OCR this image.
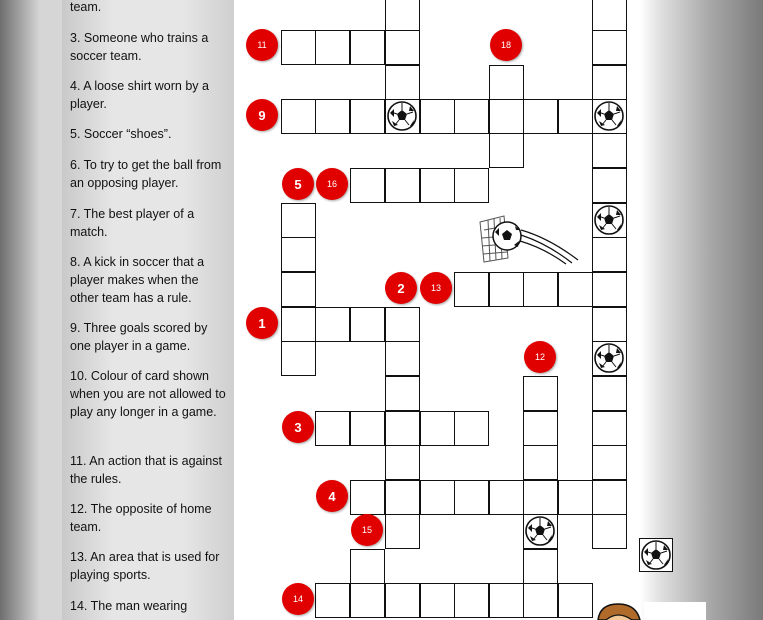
team.
3. Someone who trains a soccer team.
4. A loose shirt worn by a player.
5. Soccer “shoes”.
6. To try to get the ball from an opposing player.
7. The best player of a match.
8. A kick in soccer that a player makes when the other team has a rule.
9. Three goals scored by one player in a game.
10. Colour of card shown when you are not allowed to play any longer in a game.
11. An action that is against the rules.
12. The opposite of home team.
13. An area that is used for playing sports.
14. The man wearing
11	18
9
5	16
2	13
1
12
3
4
15
14
